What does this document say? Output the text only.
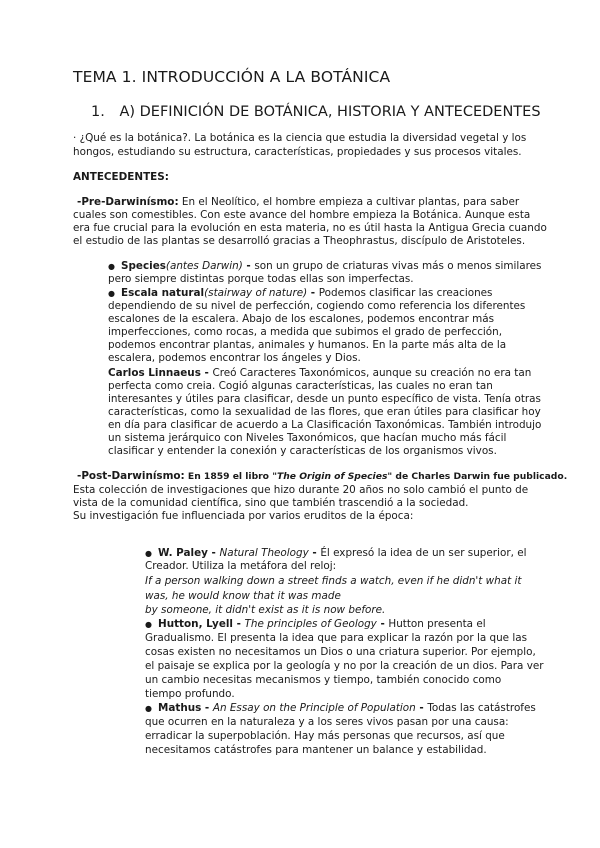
TEMA 1. INTRODUCCIÓN A LA BOTÁNICA
1. A) DEFINICIÓN DE BOTÁNICA, HISTORIA Y ANTECEDENTES
· ¿Qué es la botánica?. La botánica es la ciencia que estudia la diversidad vegetal y los
hongos, estudiando su estructura, características, propiedades y sus procesos vitales.
ANTECEDENTES:
-Pre-Darwinísmo: En el Neolítico, el hombre empieza a cultivar plantas, para saber
cuales son comestibles. Con este avance del hombre empieza la Botánica. Aunque esta
era fue crucial para la evolución en esta materia, no es útil hasta la Antigua Grecia cuando
el estudio de las plantas se desarrolló gracias a Theophrastus, discípulo de Aristoteles.
● Species(antes Darwin) - son un grupo de criaturas vivas más o menos similares
pero siempre distintas porque todas ellas son imperfectas.
● Escala natural(stairway of nature) - Podemos clasificar las creaciones
dependiendo de su nivel de perfección, cogiendo como referencia los diferentes
escalones de la escalera. Abajo de los escalones, podemos encontrar más
imperfecciones, como rocas, a medida que subimos el grado de perfección,
podemos encontrar plantas, animales y humanos. En la parte más alta de la
escalera, podemos encontrar los ángeles y Dios.
Carlos Linnaeus - Creó Caracteres Taxonómicos, aunque su creación no era tan
perfecta como creia. Cogió algunas características, las cuales no eran tan
interesantes y útiles para clasificar, desde un punto específico de vista. Tenía otras
características, como la sexualidad de las flores, que eran útiles para clasificar hoy
en día para clasificar de acuerdo a La Clasificación Taxonómicas. También introdujo
un sistema jerárquico con Niveles Taxonómicos, que hacían mucho más fácil
clasificar y entender la conexión y características de los organismos vivos.
-Post-Darwinísmo: En 1859 el libro "The Origin of Species" de Charles Darwin fue publicado.
Esta colección de investigaciones que hizo durante 20 años no solo cambió el punto de
vista de la comunidad científica, sino que también trascendió a la sociedad.
Su investigación fue influenciada por varios eruditos de la época:
● W. Paley - Natural Theology - Él expresó la idea de un ser superior, el
Creador. Utiliza la metáfora del reloj:
If a person walking down a street finds a watch, even if he didn't what it
was, he would know that it was made
by someone, it didn't exist as it is now before.
● Hutton, Lyell - The principles of Geology - Hutton presenta el
Gradualismo. El presenta la idea que para explicar la razón por la que las
cosas existen no necesitamos un Dios o una criatura superior. Por ejemplo,
el paisaje se explica por la geología y no por la creación de un dios. Para ver
un cambio necesitas mecanismos y tiempo, también conocido como
tiempo profundo.
● Mathus - An Essay on the Principle of Population - Todas las catástrofes
que ocurren en la naturaleza y a los seres vivos pasan por una causa:
erradicar la superpoblación. Hay más personas que recursos, así que
necesitamos catástrofes para mantener un balance y estabilidad.
